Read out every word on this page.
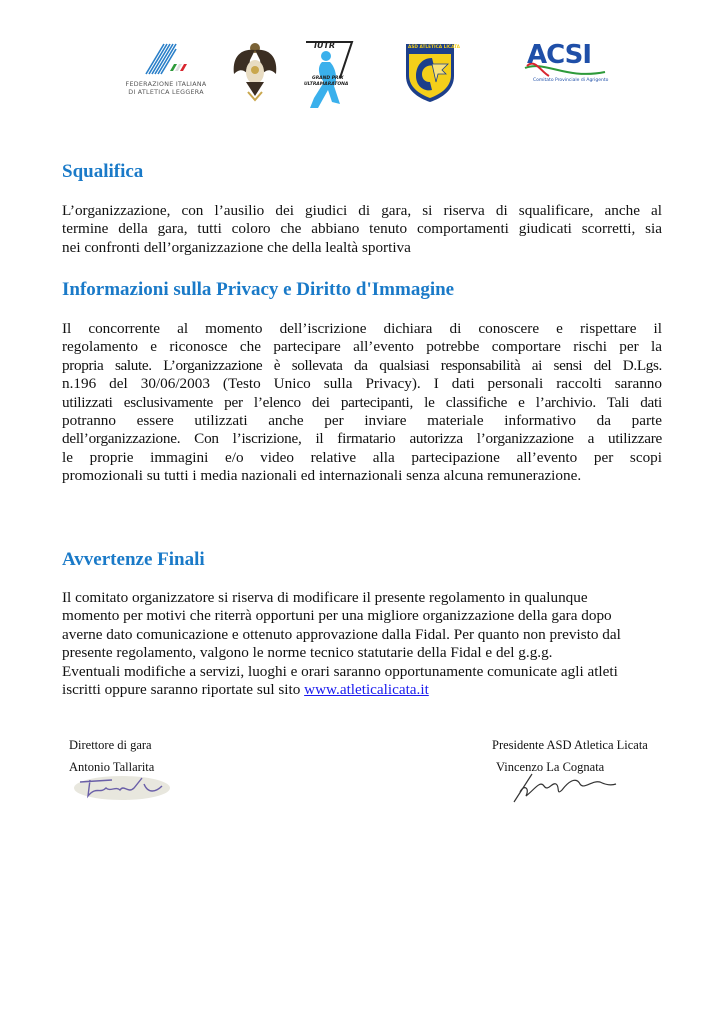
FEDERAZIONE ITALIANA
DI ATLETICA LEGGERA
IUTR
GRAND PRIX
ULTRAMARATONA
ASD ATLETICA LICATA	ACSI
Comitato Provinciale di Agrigento
Squalifica
L’organizzazione, con l’ausilio dei giudici di gara, si riserva di squalificare, anche al
termine della gara, tutti coloro che abbiano tenuto comportamenti giudicati scorretti, sia
nei confronti dell’organizzazione che della lealtà sportiva
Informazioni sulla Privacy e Diritto d'Immagine
Il concorrente al momento dell’iscrizione dichiara di conoscere e rispettare il
regolamento e riconosce che partecipare all’evento potrebbe comportare rischi per la
propria salute. L’organizzazione è sollevata da qualsiasi responsabilità ai sensi del D.Lgs.
n.196 del 30/06/2003 (Testo Unico sulla Privacy). I dati personali raccolti saranno
utilizzati esclusivamente per l’elenco dei partecipanti, le classifiche e l’archivio. Tali dati
potranno essere utilizzati anche per inviare materiale informativo da parte
dell’organizzazione. Con l’iscrizione, il firmatario autorizza l’organizzazione a utilizzare
le proprie immagini e/o video relative alla partecipazione all’evento per scopi
promozionali su tutti i media nazionali ed internazionali senza alcuna remunerazione.
Avvertenze Finali
Il comitato organizzatore si riserva di modificare il presente regolamento in qualunque
momento per motivi che riterrà opportuni per una migliore organizzazione della gara dopo
averne dato comunicazione e ottenuto approvazione dalla Fidal. Per quanto non previsto dal
presente regolamento, valgono le norme tecnico statutarie della Fidal e del g.g.g.
Eventuali modifiche a servizi, luoghi e orari saranno opportunamente comunicate agli atleti
iscritti oppure saranno riportate sul sito www.atleticalicata.it
Direttore di gara
Antonio Tallarita
Presidente ASD Atletica Licata
Vincenzo La Cognata
